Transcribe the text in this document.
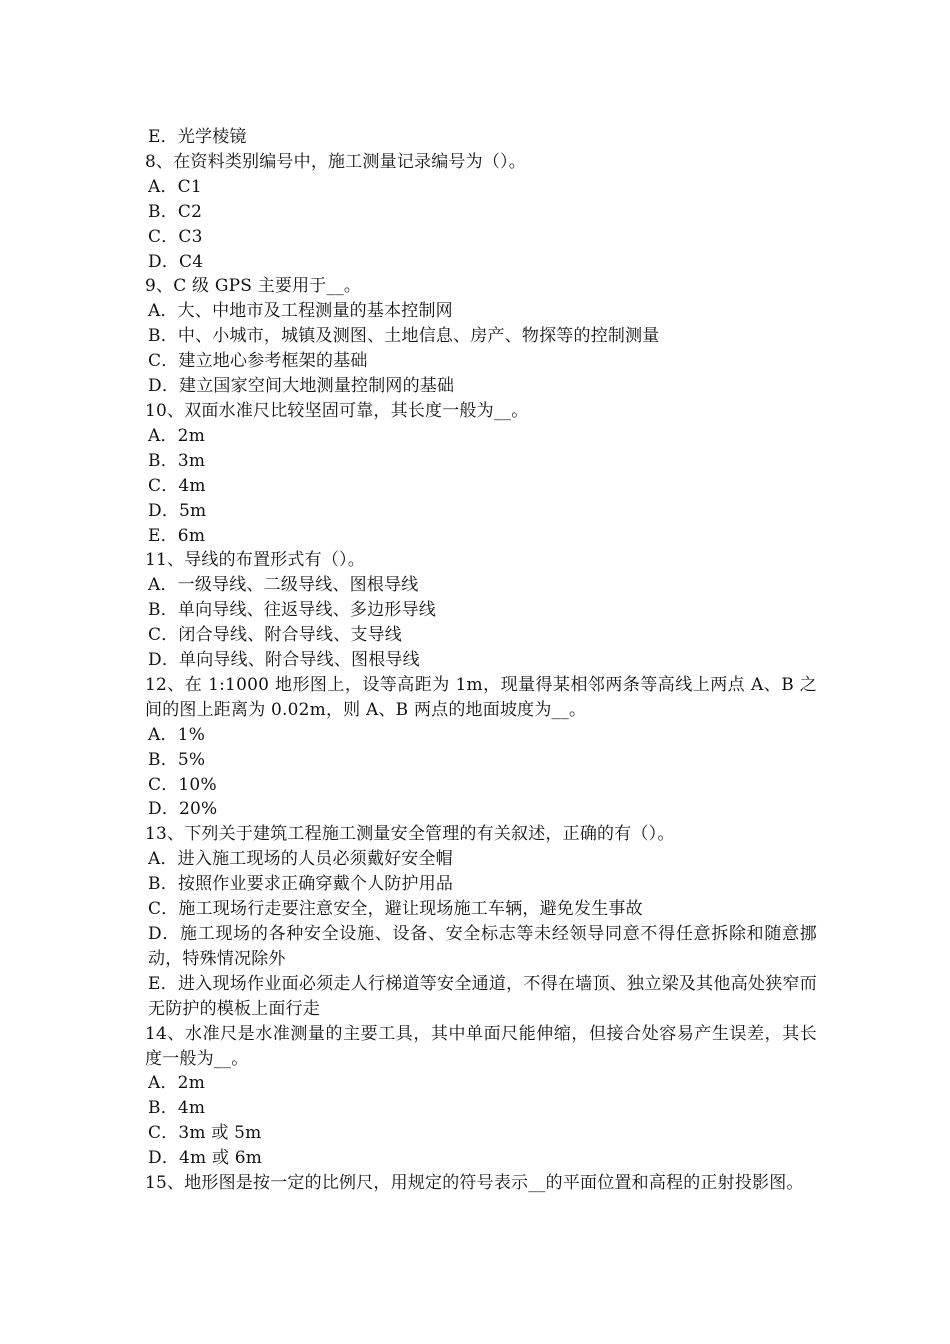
E．光学棱镜
8、在资料类别编号中，施工测量记录编号为（）。
A．C1
B．C2
C．C3
D．C4
9、C 级 GPS 主要用于__。
A．大、中地市及工程测量的基本控制网
B．中、小城市，城镇及测图、土地信息、房产、物探等的控制测量
C．建立地心参考框架的基础
D．建立国家空间大地测量控制网的基础
10、双面水准尺比较坚固可靠，其长度一般为__。
A．2m
B．3m
C．4m
D．5m
E．6m
11、导线的布置形式有（）。
A．一级导线、二级导线、图根导线
B．单向导线、往返导线、多边形导线
C．闭合导线、附合导线、支导线
D．单向导线、附合导线、图根导线
12、在 1:1000 地形图上，设等高距为 1m，现量得某相邻两条等高线上两点 A、B 之间的图上距离为 0.02m，则 A、B 两点的地面坡度为__。
A．1%
B．5%
C．10%
D．20%
13、下列关于建筑工程施工测量安全管理的有关叙述，正确的有（）。
A．进入施工现场的人员必须戴好安全帽
B．按照作业要求正确穿戴个人防护用品
C．施工现场行走要注意安全，避让现场施工车辆，避免发生事故
D．施工现场的各种安全设施、设备、安全标志等未经领导同意不得任意拆除和随意挪动，特殊情况除外
E．进入现场作业面必须走人行梯道等安全通道，不得在墙顶、独立梁及其他高处狭窄而无防护的模板上面行走
14、水准尺是水准测量的主要工具，其中单面尺能伸缩，但接合处容易产生误差，其长度一般为__。
A．2m
B．4m
C．3m 或 5m
D．4m 或 6m
15、地形图是按一定的比例尺，用规定的符号表示__的平面位置和高程的正射投影图。
